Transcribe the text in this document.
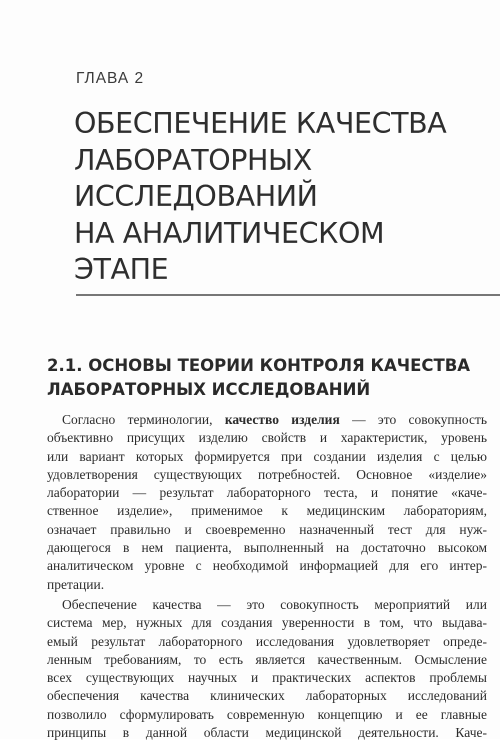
ГЛАВА 2
ОБЕСПЕЧЕНИЕ КАЧЕСТВА
ЛАБОРАТОРНЫХ
ИССЛЕДОВАНИЙ
НА АНАЛИТИЧЕСКОМ
ЭТАПЕ
2.1. ОСНОВЫ ТЕОРИИ КОНТРОЛЯ КАЧЕСТВА
ЛАБОРАТОРНЫХ ИССЛЕДОВАНИЙ
Согласно терминологии, качество изделия — это совокупность
объективно присущих изделию свойств и характеристик, уровень
или вариант которых формируется при создании изделия с целью
удовлетворения существующих потребностей. Основное «изделие»
лаборатории — результат лабораторного теста, и понятие «каче-
ственное изделие», применимое к медицинским лабораториям,
означает правильно и своевременно назначенный тест для нуж-
дающегося в нем пациента, выполненный на достаточно высоком
аналитическом уровне с необходимой информацией для его интер-
претации.
Обеспечение качества — это совокупность мероприятий или
система мер, нужных для создания уверенности в том, что выдава-
емый результат лабораторного исследования удовлетворяет опреде-
ленным требованиям, то есть является качественным. Осмысление
всех существующих научных и практических аспектов проблемы
обеспечения качества клинических лабораторных исследований
позволило сформулировать современную концепцию и ее главные
принципы в данной области медицинской деятельности. Каче-
